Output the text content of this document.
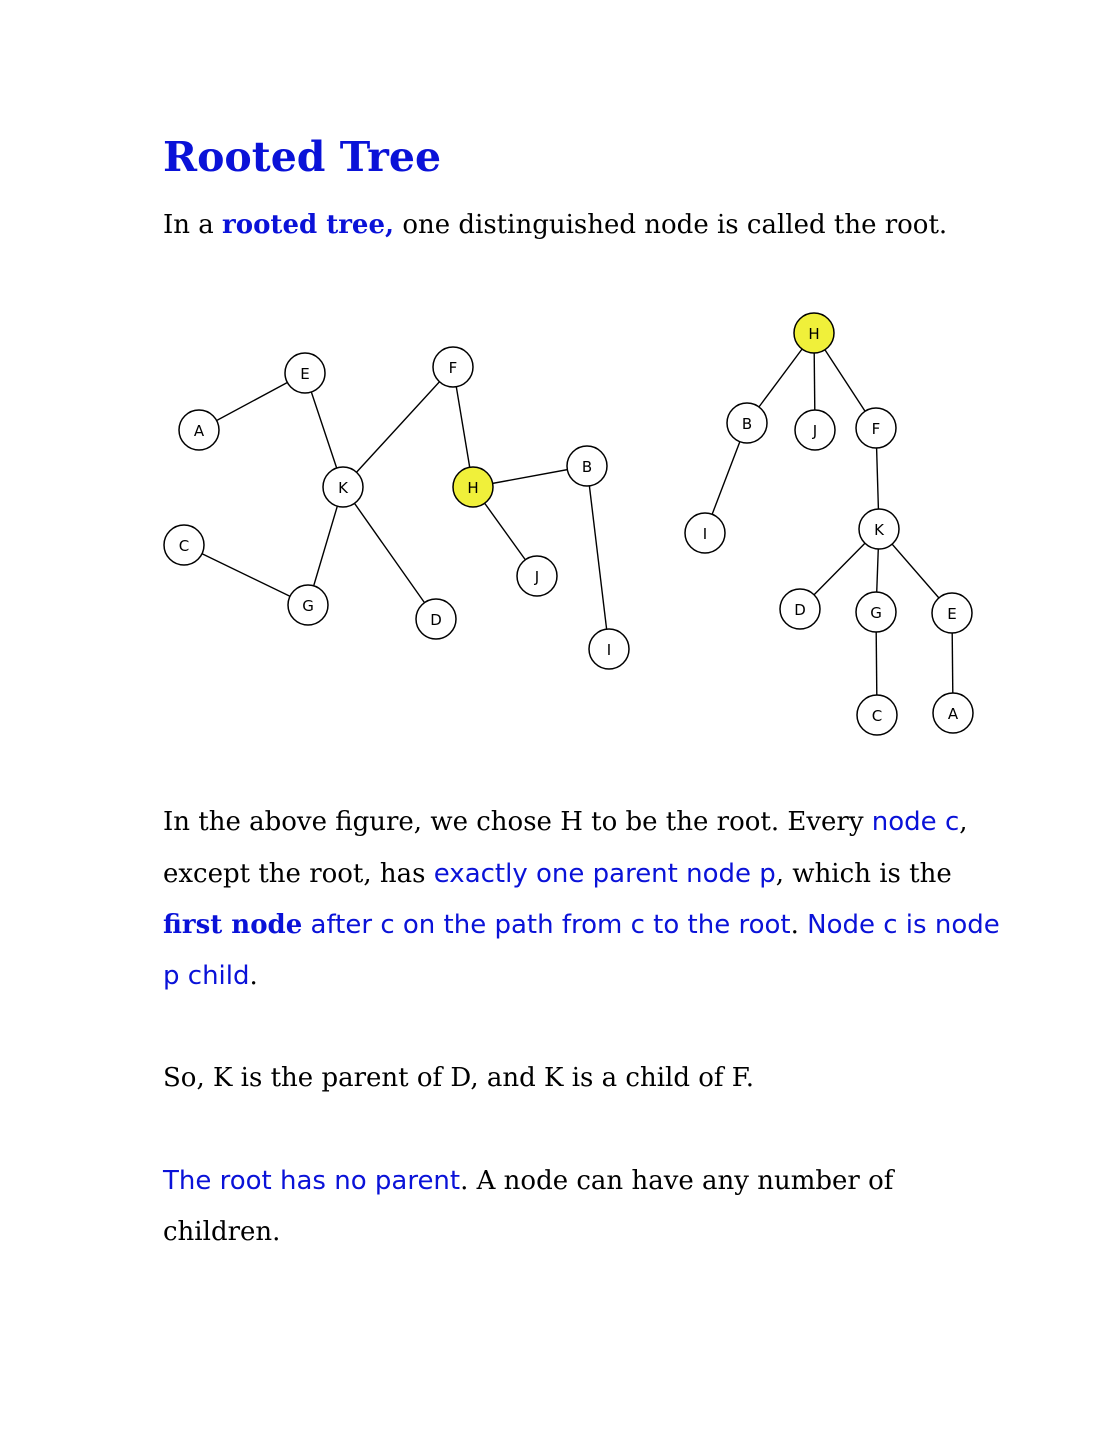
Rooted Tree

In a rooted tree, one distinguished node is called the root.

A
E	F
K	H
B
C
G
D
J
I
H
B	J	F
I	K
D	G	E
C	A

In the above figure, we chose H to be the root. Every node c,

except the root, has exactly one parent node p, which is the

first node after c on the path from c to the root. Node c is node

p child.

So, K is the parent of D, and K is a child of F.

The root has no parent. A node can have any number of

children.
